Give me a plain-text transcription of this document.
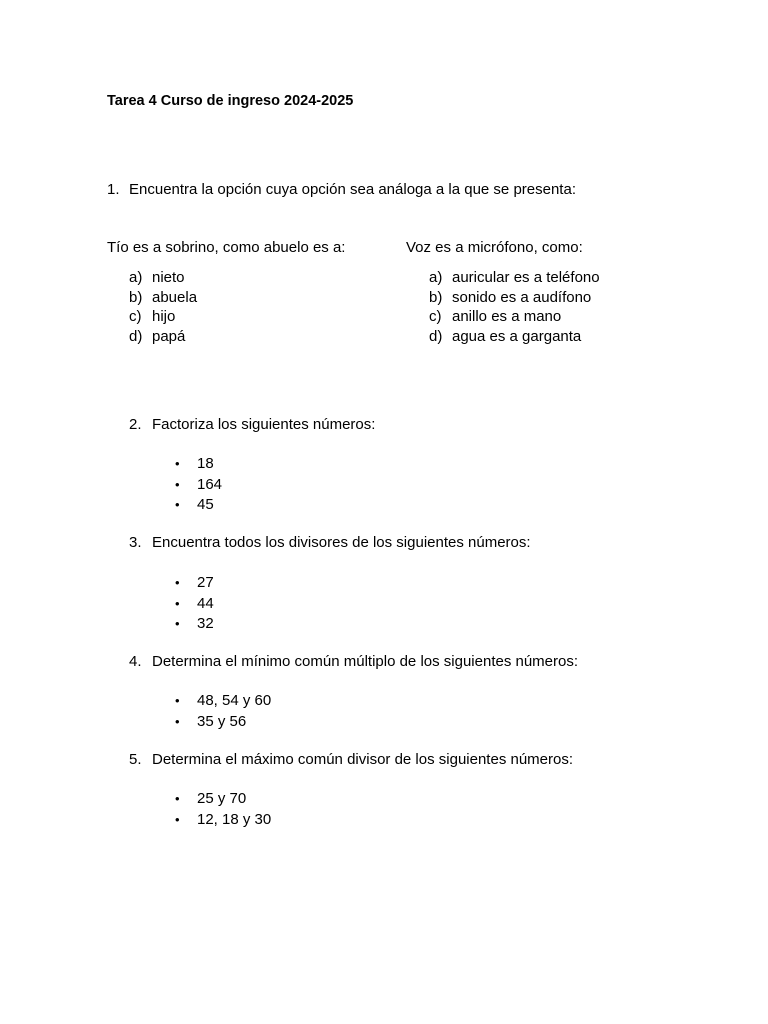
Tarea 4 Curso de ingreso 2024-2025
1. Encuentra la opción cuya opción sea análoga a la que se presenta:
Tío es a sobrino, como abuelo es a:	Voz es a micrófono, como:
a) nieto
b) abuela
c) hijo
d) papá
a) auricular es a teléfono
b) sonido es a audífono
c) anillo es a mano
d) agua es a garganta
2. Factoriza los siguientes números:
• 18
• 164
• 45
3. Encuentra todos los divisores de los siguientes números:
• 27
• 44
• 32
4. Determina el mínimo común múltiplo de los siguientes números:
• 48, 54 y 60
• 35 y 56
5. Determina el máximo común divisor de los siguientes números:
• 25 y 70
• 12, 18 y 30
